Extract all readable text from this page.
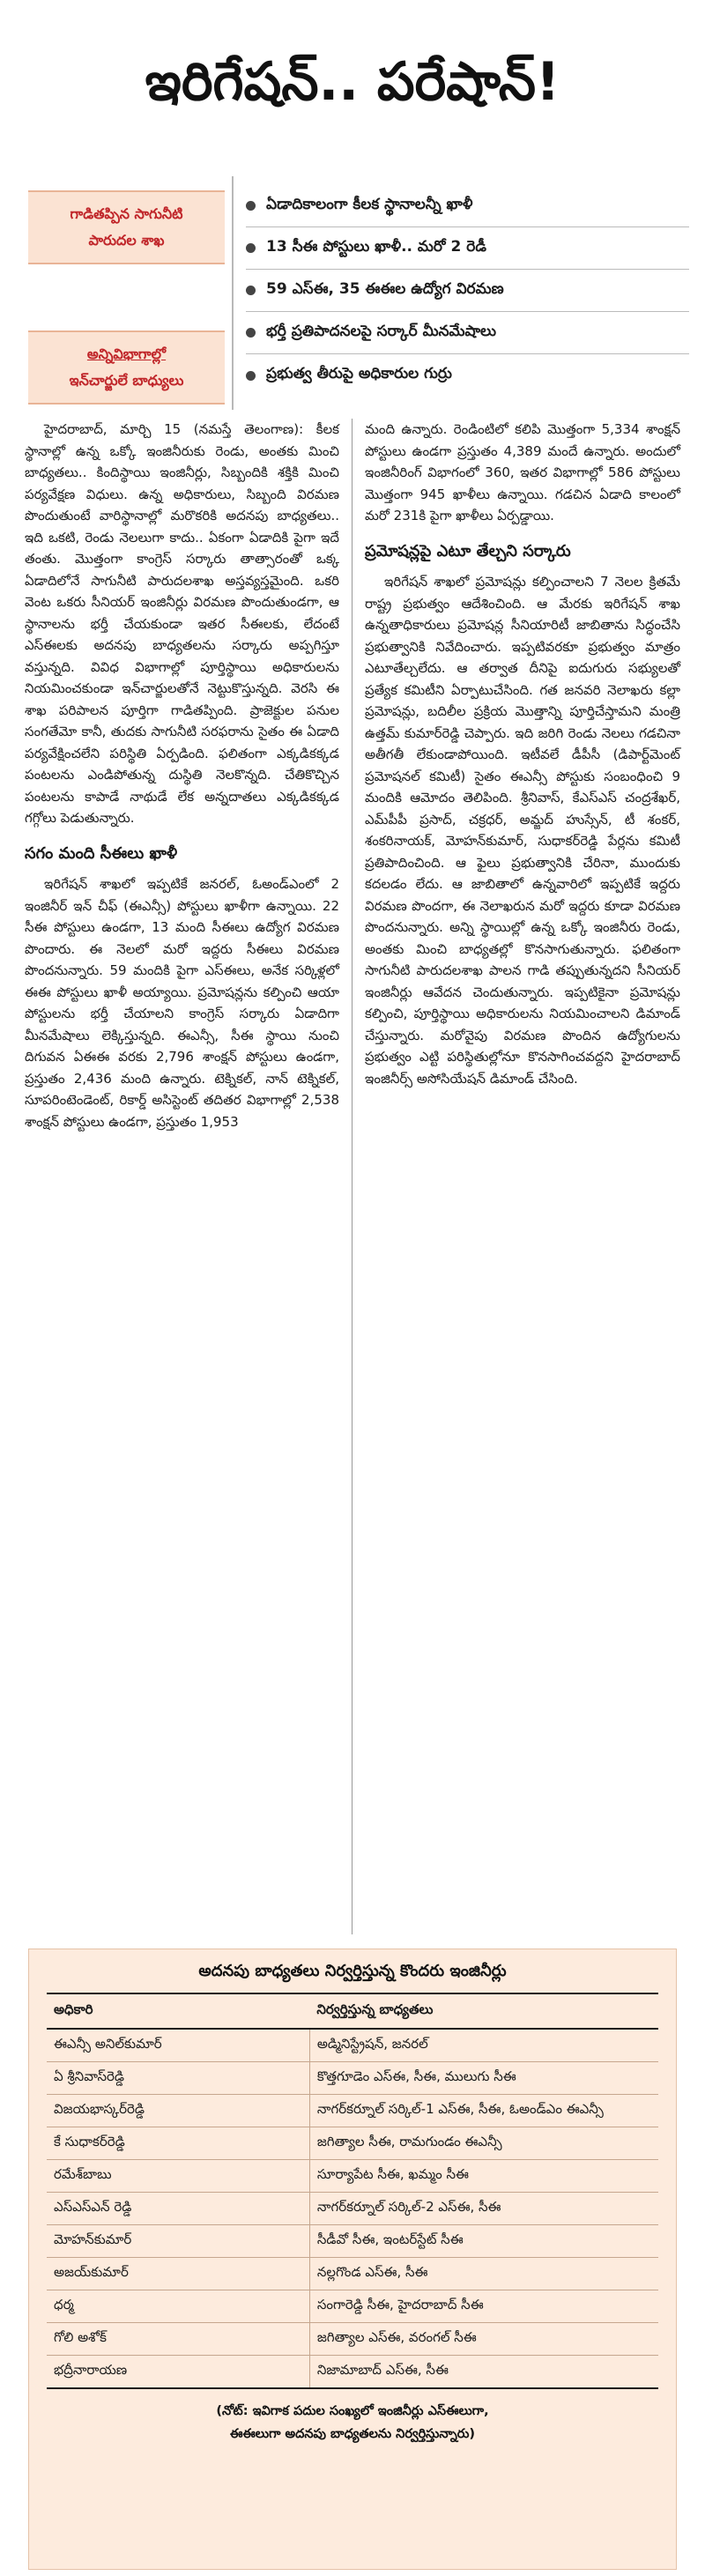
ఇరిగేషన్.. పరేషాన్!
గాడితప్పిన సాగునీటి
పారుదల శాఖ
అన్నివిభాగాల్లో
ఇన్‌చార్జులే బాధ్యులు
ఏడాదికాలంగా కీలక స్థానాలన్నీ ఖాళీ
13 సీఈ పోస్టులు ఖాళీ.. మరో 2 రెడీ
59 ఎస్‌ఈ, 35 ఈఈల ఉద్యోగ విరమణ
భర్తీ ప్రతిపాదనలపై సర్కార్ మీనమేషాలు
ప్రభుత్వ తీరుపై అధికారుల గుర్రు

హైదరాబాద్, మార్చి 15 (నమస్తే తెలంగాణ): కీలక స్థానాల్లో ఉన్న ఒక్కో ఇంజినీరుకు రెండు, అంతకు మించి బాధ్యతలు.. కిందిస్థాయి ఇంజినీర్లు, సిబ్బందికి శక్తికి మించి పర్యవేక్షణ విధులు. ఉన్న అధికారులు, సిబ్బంది విరమణ పొందుతుంటే వారిస్థానాల్లో మరొకరికి అదనపు బాధ్యతలు.. ఇది ఒకటి, రెండు నెలలుగా కాదు.. ఏకంగా ఏడాదికి పైగా ఇదే తంతు. మొత్తంగా కాంగ్రెస్ సర్కారు తాత్సారంతో ఒక్క ఏడాదిలోనే సాగునీటి పారుదలశాఖ అస్తవ్యస్తమైంది. ఒకరి వెంట ఒకరు సీనియర్ ఇంజినీర్లు విరమణ పొందుతుండగా, ఆ స్థానాలను భర్తీ చేయకుండా ఇతర సీఈలకు, లేదంటే ఎస్‌ఈలకు అదనపు బాధ్యతలను సర్కారు అప్పగిస్తూ వస్తున్నది. వివిధ విభాగాల్లో పూర్తిస్థాయి అధికారులను నియమించకుండా ఇన్‌చార్జులతోనే నెట్టుకొస్తున్నది. వెరసి ఈ శాఖ పరిపాలన పూర్తిగా గాడితప్పింది. ప్రాజెక్టుల పనుల సంగతేమో కానీ, తుదకు సాగునీటి సరఫరాను సైతం ఈ ఏడాది పర్యవేక్షించలేని పరిస్థితి ఏర్పడింది. ఫలితంగా ఎక్కడికక్కడ పంటలను ఎండిపోతున్న దుస్థితి నెలకొన్నది. చేతికొచ్చిన పంటలను కాపాడే నాథుడే లేక అన్నదాతలు ఎక్కడికక్కడ గగ్గోలు పెడుతున్నారు.

సగం మంది సీఈలు ఖాళీ

ఇరిగేషన్ శాఖలో ఇప్పటికే జనరల్, ఓఅండ్‌ఎంలో 2 ఇంజినీర్ ఇన్ చీఫ్ (ఈఎన్సీ) పోస్టులు ఖాళీగా ఉన్నాయి. 22 సీఈ పోస్టులు ఉండగా, 13 మంది సీఈలు ఉద్యోగ విరమణ పొందారు. ఈ నెలలో మరో ఇద్దరు సీఈలు విరమణ పొందనున్నారు. 59 మందికి పైగా ఎస్‌ఈలు, అనేక సర్కిళ్లలో ఈఈ పోస్టులు ఖాళీ అయ్యాయి. ప్రమోషన్లను కల్పించి ఆయా పోస్టులను భర్తీ చేయాలని కాంగ్రెస్ సర్కారు ఏడాదిగా మీనమేషాలు లెక్కిస్తున్నది. ఈఎన్సీ, సీఈ స్థాయి నుంచి దిగువన ఏఈఈ వరకు 2,796 శాంక్షన్ పోస్టులు ఉండగా, ప్రస్తుతం 2,436 మంది ఉన్నారు. టెక్నికల్, నాన్ టెక్నికల్, సూపరింటెండెంట్, రికార్డ్ అసిస్టెంట్ తదితర విభాగాల్లో 2,538 శాంక్షన్ పోస్టులు ఉండగా, ప్రస్తుతం 1,953

మంది ఉన్నారు. రెండింటిలో కలిపి మొత్తంగా 5,334 శాంక్షన్ పోస్టులు ఉండగా ప్రస్తుతం 4,389 మందే ఉన్నారు. అందులో ఇంజినీరింగ్ విభాగంలో 360, ఇతర విభాగాల్లో 586 పోస్టులు మొత్తంగా 945 ఖాళీలు ఉన్నాయి. గడచిన ఏడాది కాలంలో మరో 231కి పైగా ఖాళీలు ఏర్పడ్డాయి.

ప్రమోషన్లపై ఎటూ తేల్చని సర్కారు

ఇరిగేషన్ శాఖలో ప్రమోషన్లు కల్పించాలని 7 నెలల క్రితమే రాష్ట్ర ప్రభుత్వం ఆదేశించింది. ఆ మేరకు ఇరిగేషన్ శాఖ ఉన్నతాధికారులు ప్రమోషన్ల సీనియారిటీ జాబితాను సిద్ధంచేసి ప్రభుత్వానికి నివేదించారు. ఇప్పటివరకూ ప్రభుత్వం మాత్రం ఎటూతేల్చలేదు. ఆ తర్వాత దీనిపై ఐదుగురు సభ్యులతో ప్రత్యేక కమిటీని ఏర్పాటుచేసింది. గత జనవరి నెలాఖరు కల్లా ప్రమోషన్లు, బదిలీల ప్రక్రియ మొత్తాన్ని పూర్తిచేస్తామని మంత్రి ఉత్తమ్ కుమార్‌రెడ్డి చెప్పారు. ఇది జరిగి రెండు నెలలు గడచినా అతీగతీ లేకుండాపోయింది. ఇటీవలే డీపీసీ (డిపార్ట్‌మెంట్ ప్రమోషనల్ కమిటీ) సైతం ఈఎన్సీ పోస్టుకు సంబంధించి 9 మందికి ఆమోదం తెలిపింది. శ్రీనివాస్, కేఎస్‌ఎస్ చంద్రశేఖర్, ఎమ్‌పీపీ ప్రసాద్, చక్రధర్, అమ్జద్ హుస్సేన్, టీ శంకర్, శంకరినాయక్, మోహన్‌కుమార్, సుధాకర్‌రెడ్డి పేర్లను కమిటీ ప్రతిపాదించింది. ఆ ఫైలు ప్రభుత్వానికి చేరినా, ముందుకు కదలడం లేదు. ఆ జాబితాలో ఉన్నవారిలో ఇప్పటికే ఇద్దరు విరమణ పొందగా, ఈ నెలాఖరున మరో ఇద్దరు కూడా విరమణ పొందనున్నారు. అన్ని స్థాయిల్లో ఉన్న ఒక్కో ఇంజినీరు రెండు, అంతకు మించి బాధ్యతల్లో కొనసాగుతున్నారు. ఫలితంగా సాగునీటి పారుదలశాఖ పాలన గాడి తప్పుతున్నదని సీనియర్ ఇంజినీర్లు ఆవేదన చెందుతున్నారు. ఇప్పటికైనా ప్రమోషన్లు కల్పించి, పూర్తిస్థాయి అధికారులను నియమించాలని డిమాండ్ చేస్తున్నారు. మరోవైపు విరమణ పొందిన ఉద్యోగులను ప్రభుత్వం ఎట్టి పరిస్థితుల్లోనూ కొనసాగించవద్దని హైదరాబాద్ ఇంజినీర్స్ అసోసియేషన్ డిమాండ్ చేసింది.

అదనపు బాధ్యతలు నిర్వర్తిస్తున్న కొందరు ఇంజినీర్లు
అధికారి	నిర్వర్తిస్తున్న బాధ్యతలు
ఈఎన్సీ అనిల్‌కుమార్	అడ్మినిస్ట్రేషన్, జనరల్
ఏ శ్రీనివాస్‌రెడ్డి	కొత్తగూడెం ఎస్‌ఈ, సీఈ, ములుగు సీఈ
విజయభాస్కర్‌రెడ్డి	నాగర్‌కర్నూల్ సర్కిల్-1 ఎస్‌ఈ, సీఈ, ఓఅండ్‌ఎం ఈఎన్సీ
కే సుధాకర్‌రెడ్డి	జగిత్యాల సీఈ, రామగుండం ఈఎన్సీ
రమేశ్‌బాబు	సూర్యాపేట సీఈ, ఖమ్మం సీఈ
ఎస్‌ఎస్‌ఎన్ రెడ్డి	నాగర్‌కర్నూల్ సర్కిల్-2 ఎస్‌ఈ, సీఈ
మోహన్‌కుమార్	సీడీవో సీఈ, ఇంటర్‌స్టేట్ సీఈ
అజయ్‌కుమార్	నల్లగొండ ఎస్‌ఈ, సీఈ
ధర్మ	సంగారెడ్డి సీఈ, హైదరాబాద్ సీఈ
గోలి అశోక్	జగిత్యాల ఎస్‌ఈ, వరంగల్ సీఈ
భద్రీనారాయణ	నిజామాబాద్ ఎస్‌ఈ, సీఈ
(నోట్: ఇవిగాక పదుల సంఖ్యలో ఇంజినీర్లు ఎస్‌ఈలుగా,
ఈఈలుగా అదనపు బాధ్యతలను నిర్వర్తిస్తున్నారు)
